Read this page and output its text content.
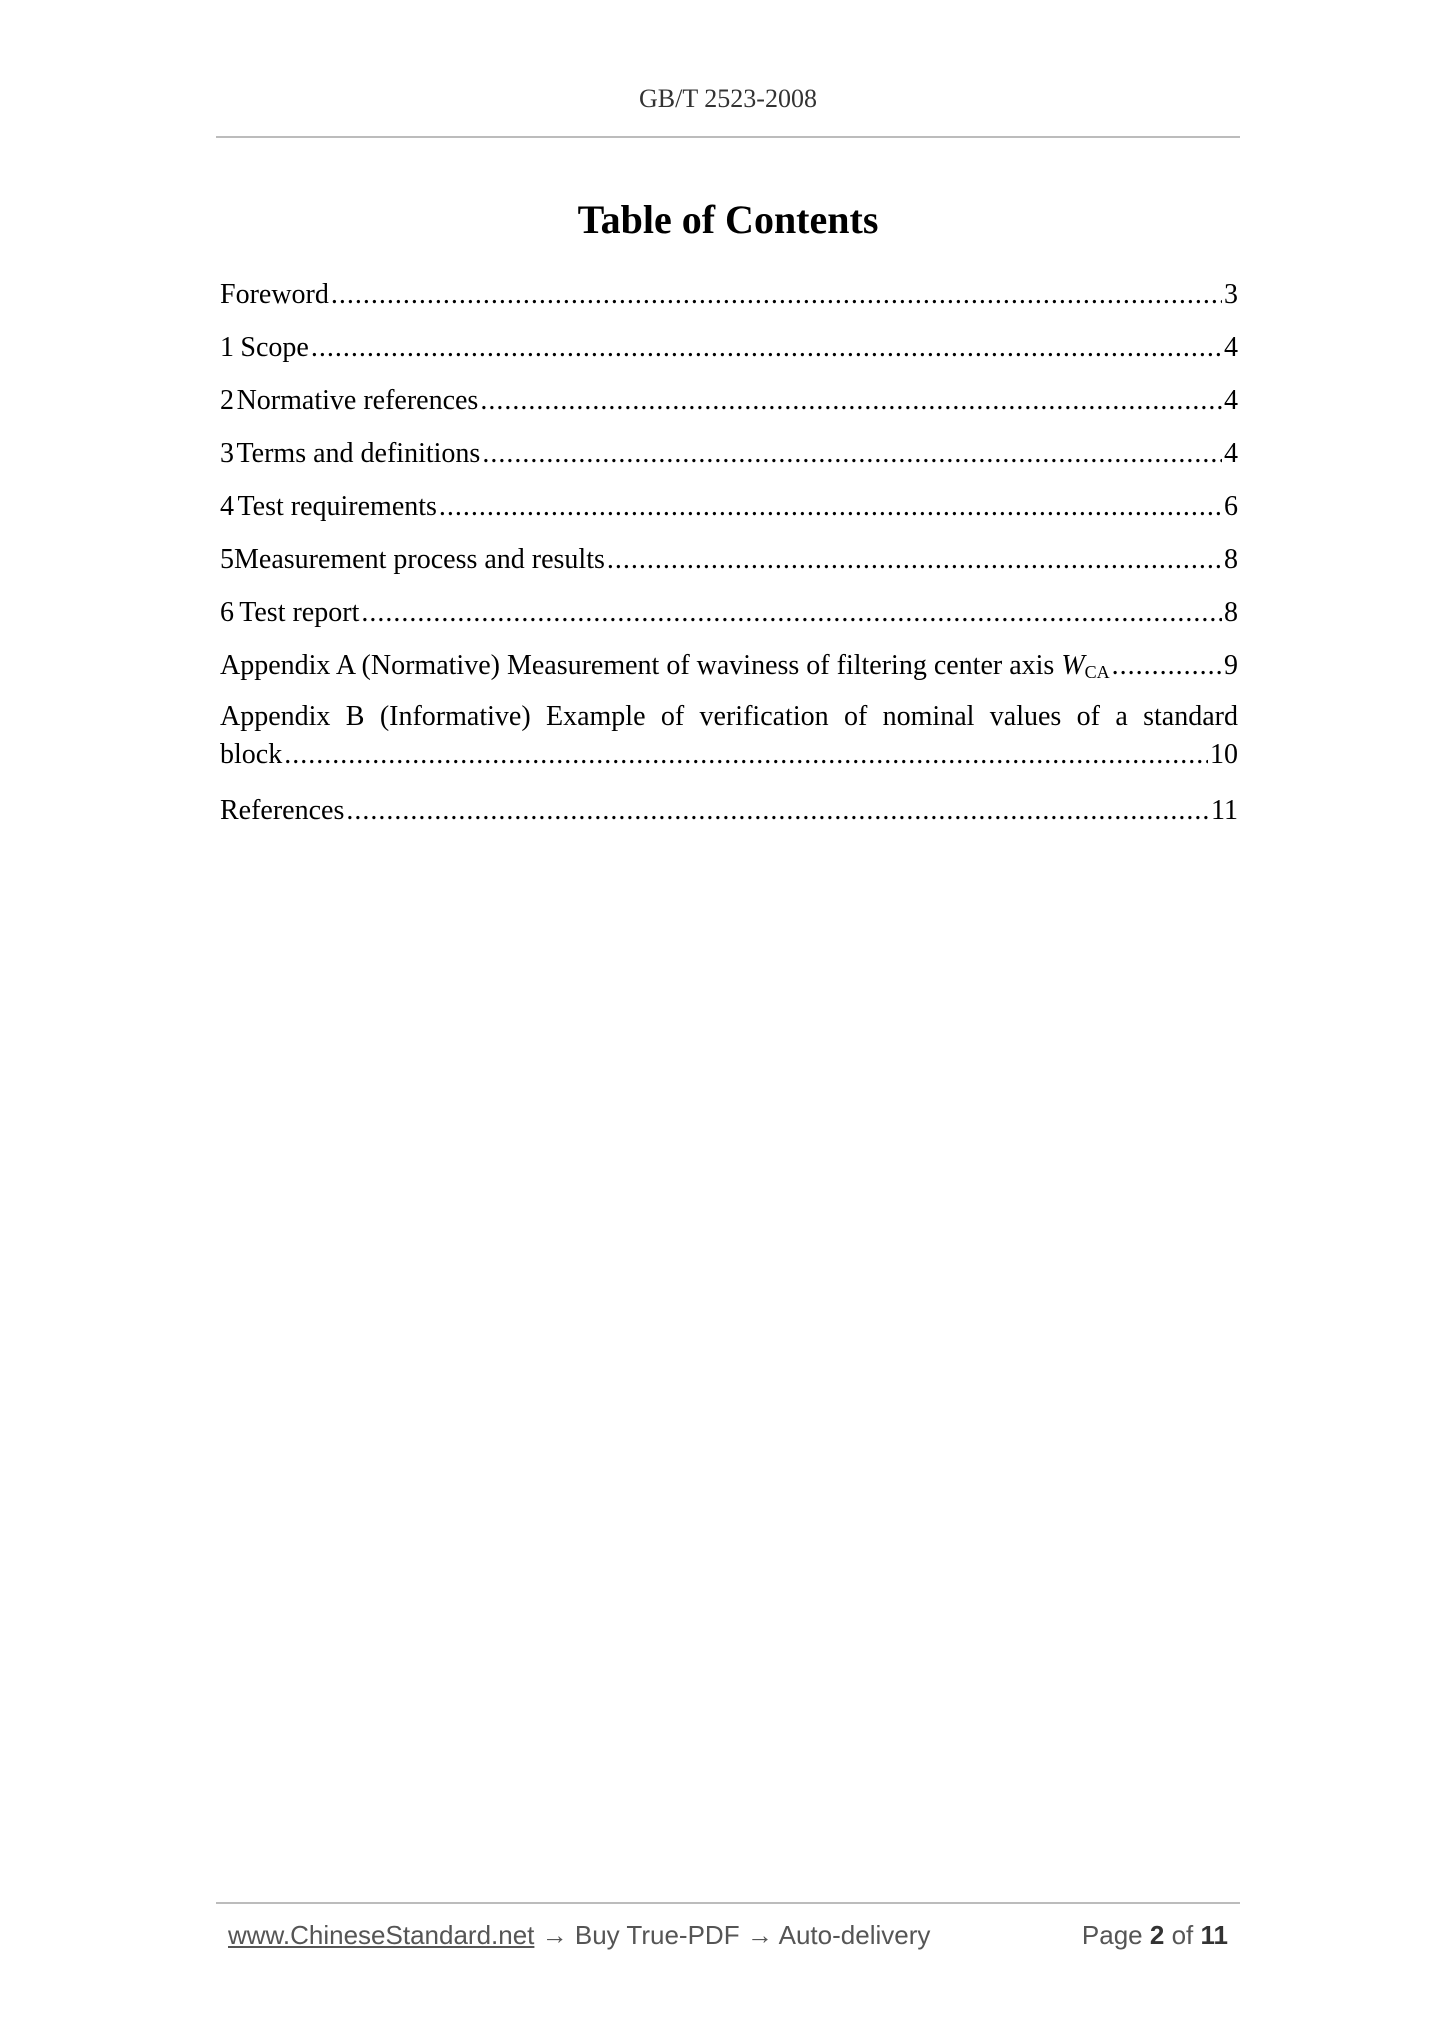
GB/T 2523-2008
Table of Contents
Foreword .....	3
1 Scope .....	4
2 Normative references .....	4
3 Terms and definitions .....	4
4 Test requirements .....	6
5 Measurement process and results .....	8
6 Test report .....	8
Appendix A (Normative) Measurement of waviness of filtering center axis $W_{CA}$ .....	9
Appendix B (Informative) Example of verification of nominal values of a standard
block .....	10
References .....	11
www.ChineseStandard.net → Buy True-PDF → Auto-delivery	Page 2 of 11
